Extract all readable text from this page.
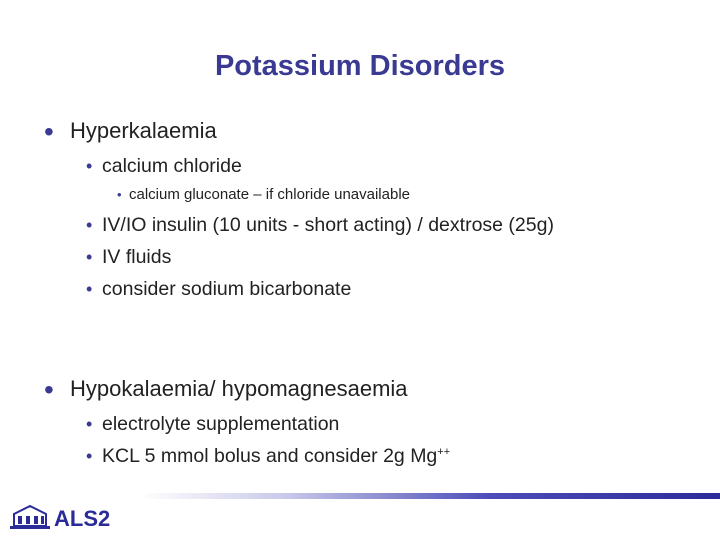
Potassium Disorders
• Hyperkalaemia
• calcium chloride
• calcium gluconate – if chloride unavailable
• IV/IO insulin (10 units - short acting) / dextrose (25g)
• IV fluids
• consider sodium bicarbonate
• Hypokalaemia/ hypomagnesaemia
• electrolyte supplementation
• KCL 5 mmol bolus and consider 2g Mg++
ALS2
